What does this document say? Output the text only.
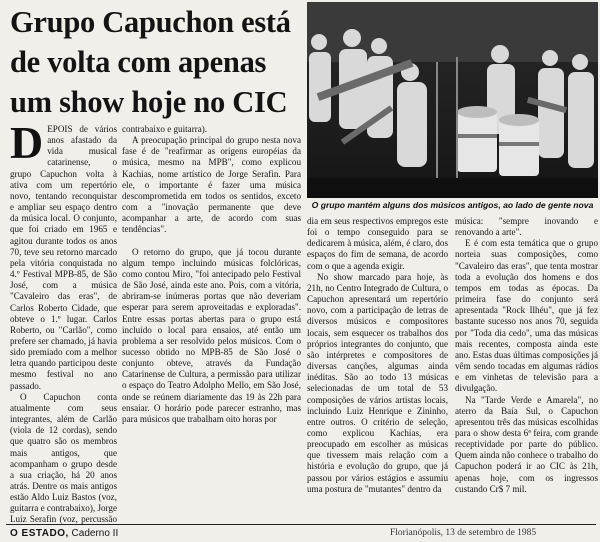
Grupo Capuchon está de volta com apenas um show hoje no CIC
O grupo mantém alguns dos músicos antigos, ao lado de gente nova
D EPOIS de vários anos afastado da vida musical catarinense, o grupo Capuchon volta à ativa com um repertório novo, tentando reconquistar e ampliar seu espaço dentro da música local. O conjunto, que foi criado em 1965 e agitou durante todos os anos 70, teve seu retorno marcado pela vitória conquistada no 4.º Festival MPB-85, de São José, com a música "Cavaleiro das eras", de Carlos Roberto Cidade, que obteve o 1.º lugar. Carlos Roberto, ou "Carlão", como prefere ser chamado, já havia sido premiado com a melhor letra quando participou deste mesmo festival no ano passado.

O Capuchon conta atualmente com seus integrantes, além de Carlão (viola de 12 cordas), sendo que quatro são os membros mais antigos, que acompanham o grupo desde a sua criação, há 20 anos atrás. Dentre os mais antigos estão Aldo Luiz Bastos (voz, guitarra e contrabaixo), Jorge Luiz Serafin (voz, percussão

contrabaixo e guitarra).

A preocupação principal do grupo nesta nova fase é de "reafirmar as origens européias da música, mesmo na MPB", como explicou Kachias, nome artístico de Jorge Serafin. Para ele, o importante é fazer uma música descomprometida em todos os sentidos, exceto com a "inovação permanente que deve acompanhar a arte, de acordo com suas tendências".

O retorno do grupo, que já tocou durante algum tempo incluindo músicas folclóricas, como contou Miro, "foi antecipado pelo Festival de São José, ainda este ano. Pois, com a vitória, abriram-se inúmeras portas que não deveriam esperar para serem aproveitadas e exploradas". Entre essas portas abertas para o grupo está incluído o local para ensaios, até então um problema a ser resolvido pelos músicos. Com o sucesso obtido no MPB-85 de São José o conjunto obteve, através da Fundação Catarinense de Cultura, a permissão para utilizar o espaço do Teatro Adolpho Mello, em São José, onde se reúnem diariamente das 19 às 22h para ensaiar. O horário pode parecer estranho, mas para músicos que trabalham oito horas por

dia em seus respectivos empregos este foi o tempo conseguido para se dedicarem à música, além, é claro, dos espaços do fim de semana, de acordo com o que a agenda exigir.

No show marcado para hoje, às 21h, no Centro Integrado de Cultura, o Capuchon apresentará um repertório novo, com a participação de letras de diversos músicos e compositores locais, sem esquecer os trabalhos dos próprios integrantes do conjunto, que são intérpretes e compositores de diversas canções, algumas ainda inéditas. São ao todo 13 músicas selecionadas de um total de 53 composições de vários artistas locais, incluindo Luiz Henrique e Zininho, entre outros. O critério de seleção, como explicou Kachias, era preocupado em escolher as músicas que tivessem mais relação com a história e evolução do grupo, que já passou por vários estágios e assumiu uma postura de "mutantes" dentro da

música: "sempre inovando e renovando a arte".

E é com esta temática que o grupo norteia suas composições, como "Cavaleiro das eras", que tenta mostrar toda a evolução dos homens e dos tempos em todas as épocas. Da primeira fase do conjunto será apresentada "Rock Ilhéu", que já fez bastante sucesso nos anos 70, seguida por "Toda dia cedo", uma das músicas mais recentes, composta ainda este ano. Estas duas últimas composições já vêm sendo tocadas em algumas rádios e em vinhetas de televisão para a divulgação.

Na "Tarde Verde e Amarela", no aterro da Baía Sul, o Capuchon apresentou três das músicas escolhidas para o show desta 6ª feira, com grande receptividade por parte do público. Quem ainda não conhece o trabalho do Capuchon poderá ir ao CIC às 21h, apenas hoje, com os ingressos custando Cr$ 7 mil.

O ESTADO, Caderno II	Florianópolis, 13 de setembro de 1985
